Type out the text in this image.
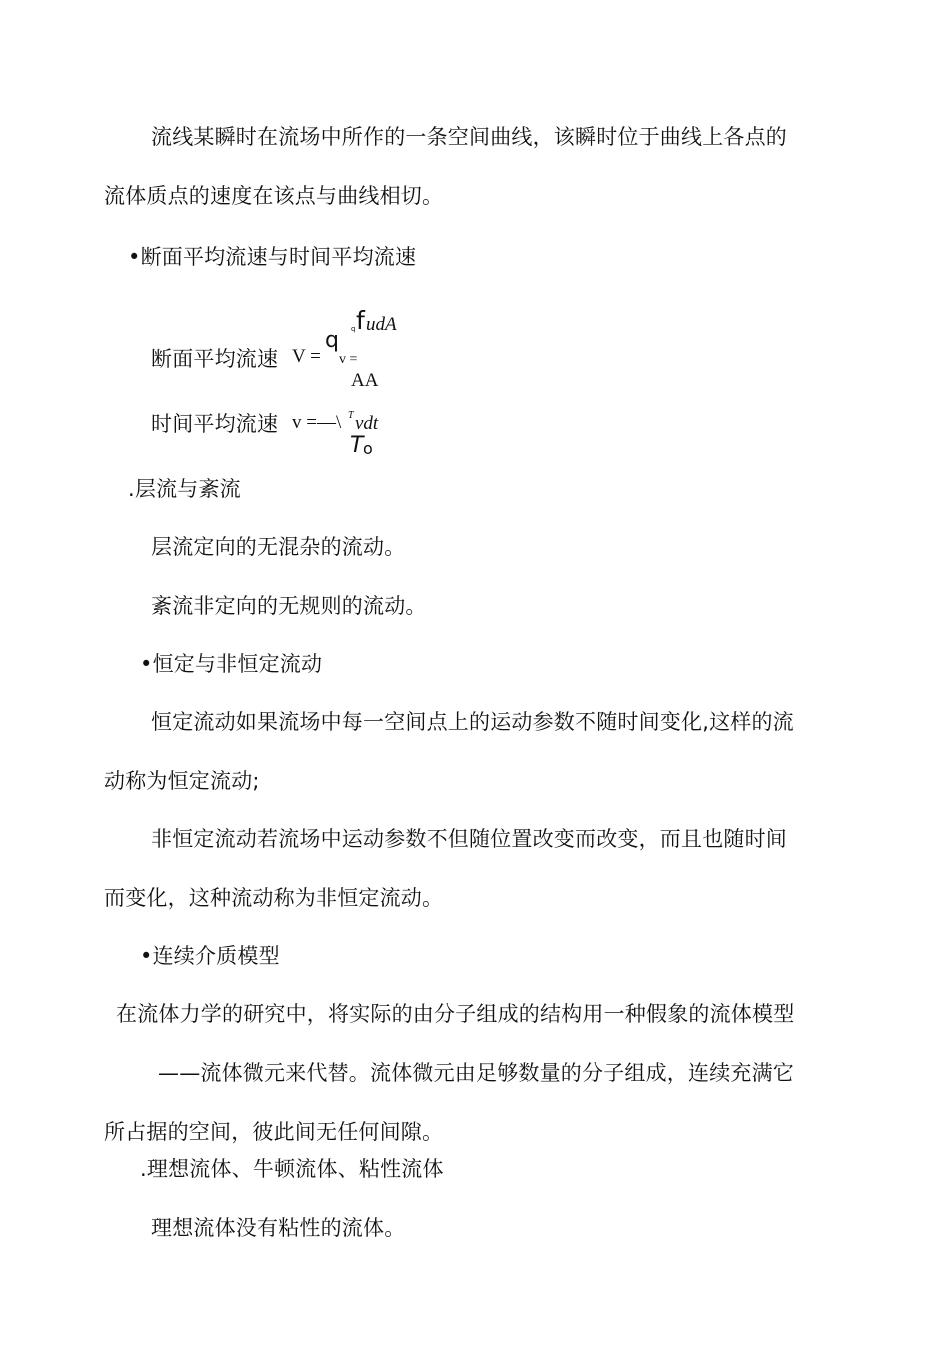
流线某瞬时在流场中所作的一条空间曲线，该瞬时位于曲线上各点的
流体质点的速度在该点与曲线相切。
•断面平均流速与时间平均流速
断面平均流速 V =
q
v =
q f udA
AA
时间平均流速 v =—\ T vdt
T o
.层流与紊流
层流定向的无混杂的流动。
紊流非定向的无规则的流动。
•恒定与非恒定流动
恒定流动如果流场中每一空间点上的运动参数不随时间变化,这样的流
动称为恒定流动;
非恒定流动若流场中运动参数不但随位置改变而改变，而且也随时间
而变化，这种流动称为非恒定流动。
•连续介质模型
在流体力学的研究中，将实际的由分子组成的结构用一种假象的流体模型
——流体微元来代替。流体微元由足够数量的分子组成，连续充满它
所占据的空间，彼此间无任何间隙。
.理想流体、牛顿流体、粘性流体
理想流体没有粘性的流体。
